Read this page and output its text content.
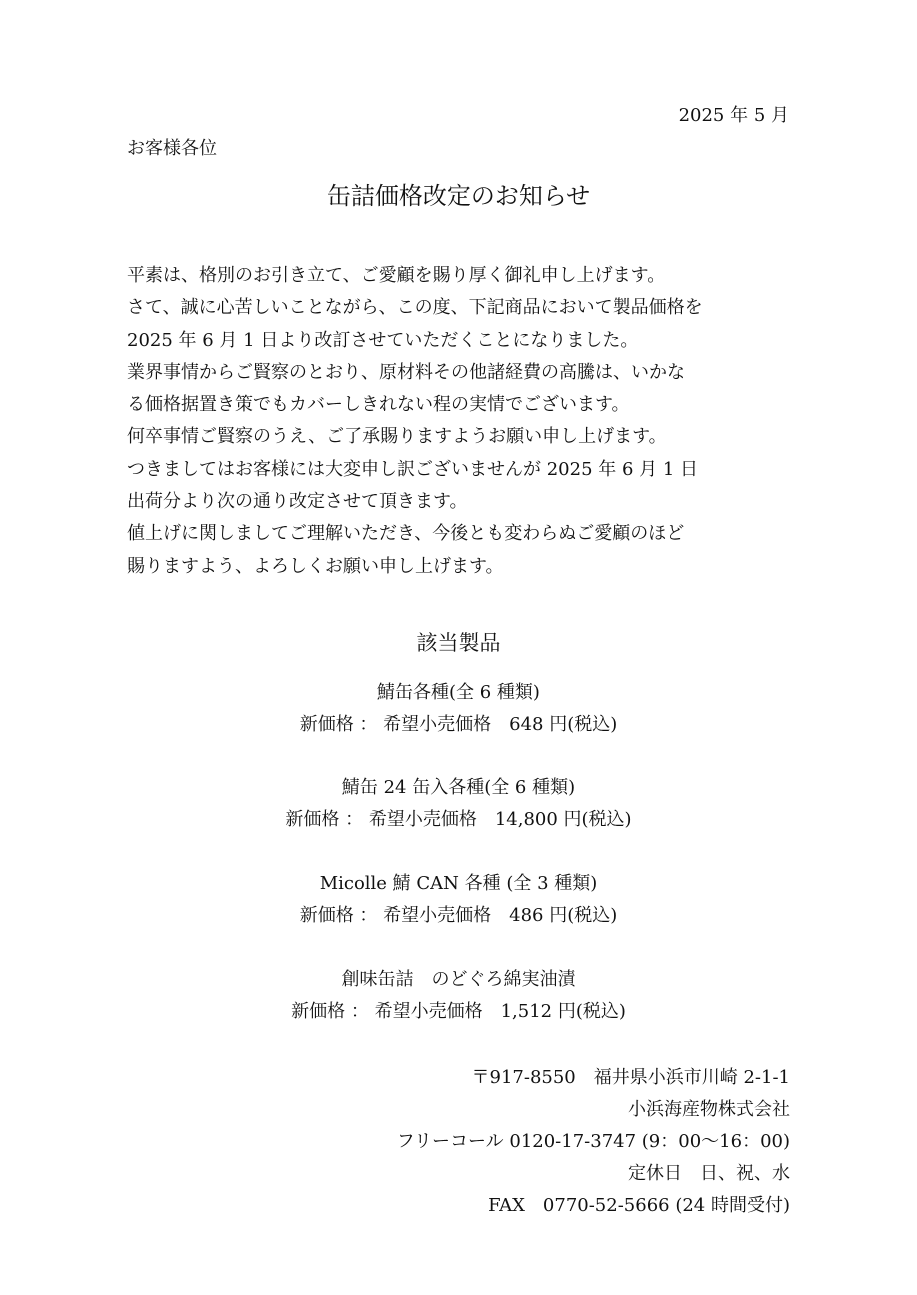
2025 年 5 月
お客様各位
缶詰価格改定のお知らせ
平素は、格別のお引き立て、ご愛顧を賜り厚く御礼申し上げます。
さて、誠に心苦しいことながら、この度、下記商品において製品価格を
2025 年 6 月 1 日より改訂させていただくことになりました。
業界事情からご賢察のとおり、原材料その他諸経費の高騰は、いかな
る価格据置き策でもカバーしきれない程の実情でございます。
何卒事情ご賢察のうえ、ご了承賜りますようお願い申し上げます。
つきましてはお客様には大変申し訳ございませんが 2025 年 6 月 1 日
出荷分より次の通り改定させて頂きます。
値上げに関しましてご理解いただき、今後とも変わらぬご愛顧のほど
賜りますよう、よろしくお願い申し上げます。
該当製品
鯖缶各種(全 6 種類)
新価格 ： 希望小売価格　648 円(税込)
鯖缶 24 缶入各種(全 6 種類)
新価格 ： 希望小売価格　14,800 円(税込)
Micolle 鯖 CAN 各種 (全 3 種類)
新価格 ： 希望小売価格　486 円(税込)
創味缶詰　のどぐろ綿実油漬
新価格 ： 希望小売価格　1,512 円(税込)
〒917-8550　福井県小浜市川崎 2-1-1
小浜海産物株式会社
フリーコール 0120-17-3747 (9：00～16：00)
定休日　日、祝、水
FAX　0770-52-5666 (24 時間受付)
